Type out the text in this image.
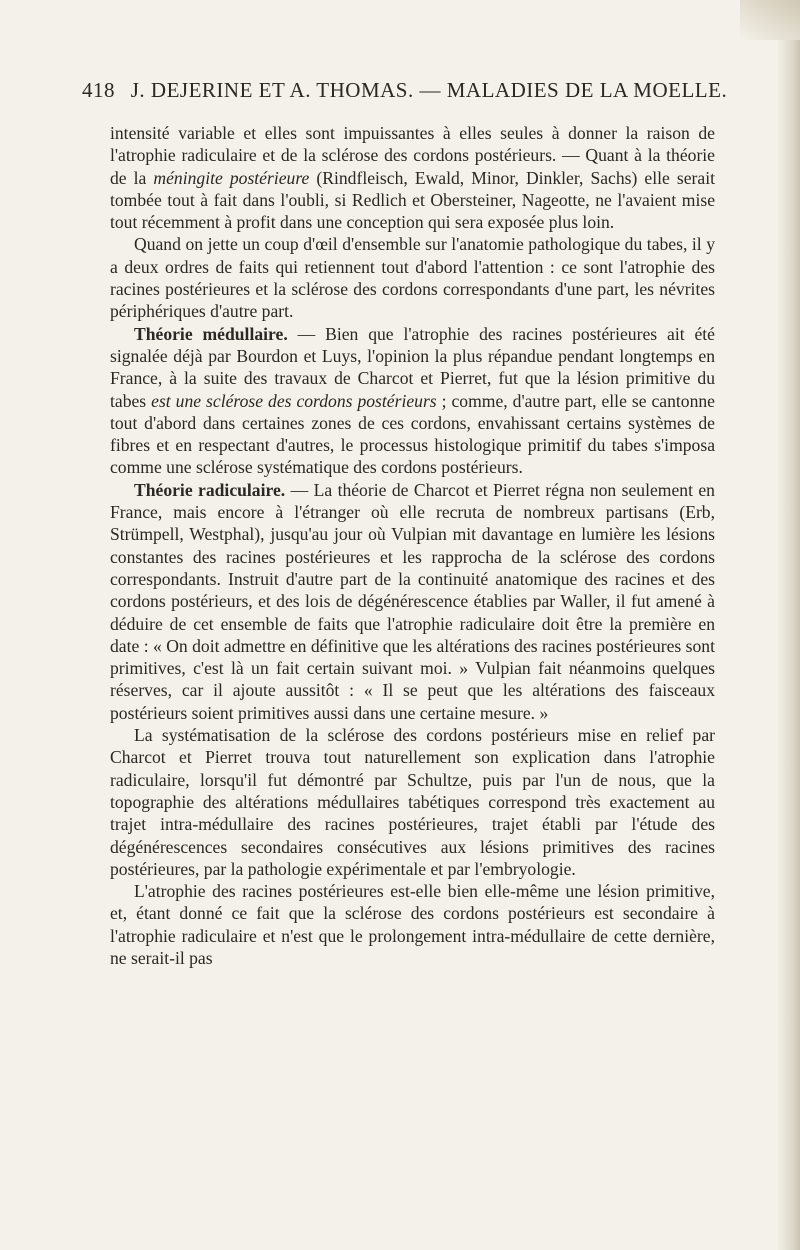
418 J. DEJERINE ET A. THOMAS. — MALADIES DE LA MOELLE.

intensité variable et elles sont impuissantes à elles seules à donner la raison de l'atrophie radiculaire et de la sclérose des cordons postérieurs. — Quant à la théorie de la méningite postérieure (Rindfleisch, Ewald, Minor, Dinkler, Sachs) elle serait tombée tout à fait dans l'oubli, si Redlich et Obersteiner, Nageotte, ne l'avaient mise tout récemment à profit dans une conception qui sera exposée plus loin.

Quand on jette un coup d'œil d'ensemble sur l'anatomie pathologique du tabes, il y a deux ordres de faits qui retiennent tout d'abord l'attention : ce sont l'atrophie des racines postérieures et la sclérose des cordons correspondants d'une part, les névrites périphériques d'autre part.

Théorie médullaire. — Bien que l'atrophie des racines postérieures ait été signalée déjà par Bourdon et Luys, l'opinion la plus répandue pendant longtemps en France, à la suite des travaux de Charcot et Pierret, fut que la lésion primitive du tabes est une sclérose des cordons postérieurs ; comme, d'autre part, elle se cantonne tout d'abord dans certaines zones de ces cordons, envahissant certains systèmes de fibres et en respectant d'autres, le processus histologique primitif du tabes s'imposa comme une sclérose systématique des cordons postérieurs.

Théorie radiculaire. — La théorie de Charcot et Pierret régna non seulement en France, mais encore à l'étranger où elle recruta de nombreux partisans (Erb, Strümpell, Westphal), jusqu'au jour où Vulpian mit davantage en lumière les lésions constantes des racines postérieures et les rapprocha de la sclérose des cordons correspondants. Instruit d'autre part de la continuité anatomique des racines et des cordons postérieurs, et des lois de dégénérescence établies par Waller, il fut amené à déduire de cet ensemble de faits que l'atrophie radiculaire doit être la première en date : « On doit admettre en définitive que les altérations des racines postérieures sont primitives, c'est là un fait certain suivant moi. » Vulpian fait néanmoins quelques réserves, car il ajoute aussitôt : « Il se peut que les altérations des faisceaux postérieurs soient primitives aussi dans une certaine mesure. »

La systématisation de la sclérose des cordons postérieurs mise en relief par Charcot et Pierret trouva tout naturellement son explication dans l'atrophie radiculaire, lorsqu'il fut démontré par Schultze, puis par l'un de nous, que la topographie des altérations médullaires tabétiques correspond très exactement au trajet intra-médullaire des racines postérieures, trajet établi par l'étude des dégénérescences secondaires consécutives aux lésions primitives des racines postérieures, par la pathologie expérimentale et par l'embryologie.

L'atrophie des racines postérieures est-elle bien elle-même une lésion primitive, et, étant donné ce fait que la sclérose des cordons postérieurs est secondaire à l'atrophie radiculaire et n'est que le prolongement intra-médullaire de cette dernière, ne serait-il pas
